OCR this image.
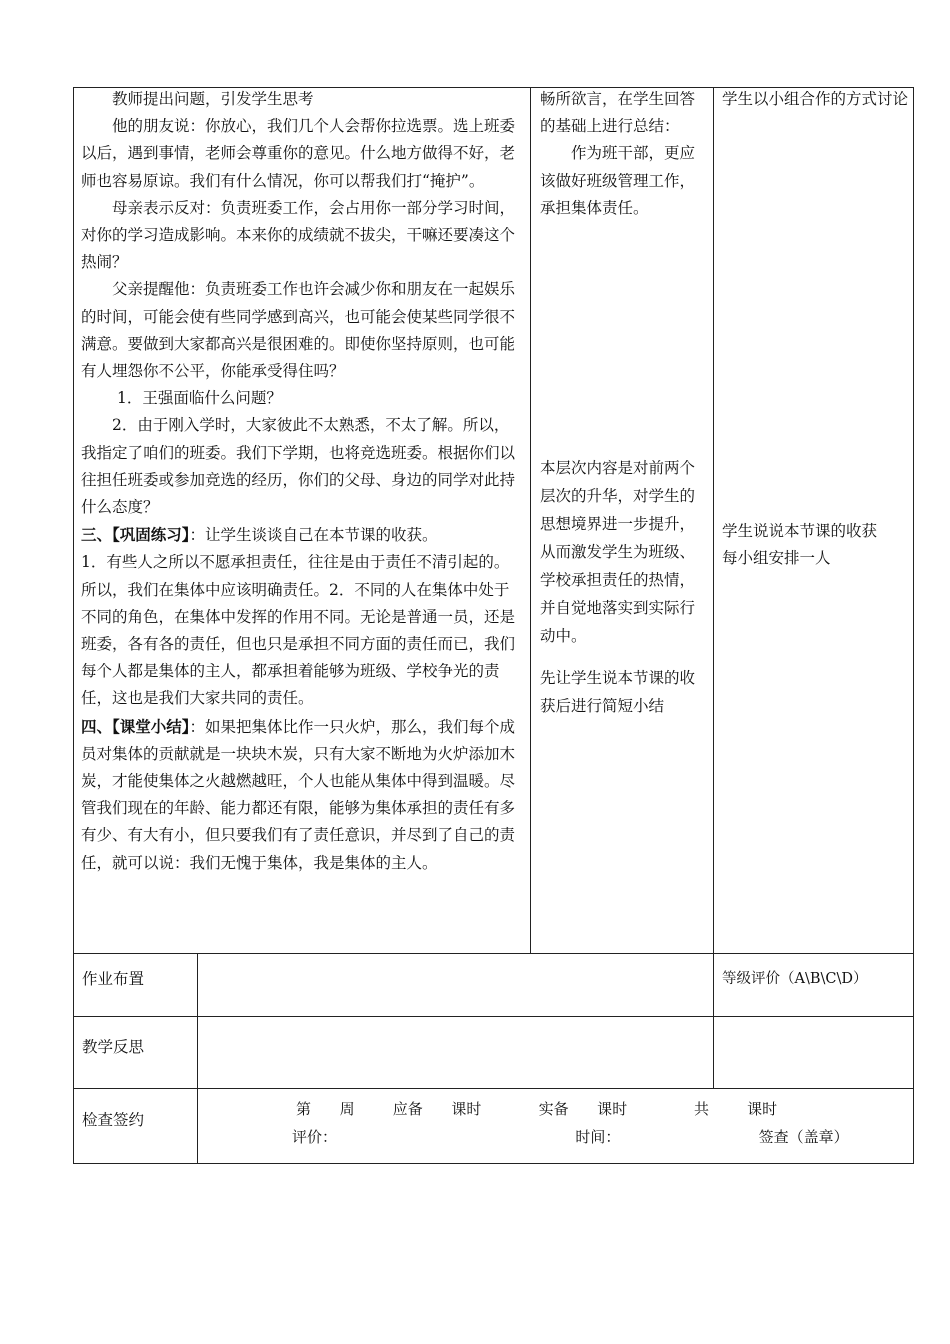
教师提出问题，引发学生思考

他的朋友说：你放心，我们几个人会帮你拉选票。选上班委以后，遇到事情，老师会尊重你的意见。什么地方做得不好，老师也容易原谅。我们有什么情况，你可以帮我们打“掩护”。

母亲表示反对：负责班委工作，会占用你一部分学习时间，对你的学习造成影响。本来你的成绩就不拔尖，干嘛还要凑这个热闹？

父亲提醒他：负责班委工作也许会减少你和朋友在一起娱乐的时间，可能会使有些同学感到高兴，也可能会使某些同学很不满意。要做到大家都高兴是很困难的。即使你坚持原则，也可能有人埋怨你不公平，你能承受得住吗？

1．王强面临什么问题？

2．由于刚入学时，大家彼此不太熟悉，不太了解。所以，我指定了咱们的班委。我们下学期，也将竞选班委。根据你们以往担任班委或参加竞选的经历，你们的父母、身边的同学对此持什么态度？

三、【巩固练习】：让学生谈谈自己在本节课的收获。

1．有些人之所以不愿承担责任，往往是由于责任不清引起的。所以，我们在集体中应该明确责任。2．不同的人在集体中处于不同的角色，在集体中发挥的作用不同。无论是普通一员，还是班委，各有各的责任，但也只是承担不同方面的责任而已，我们每个人都是集体的主人，都承担着能够为班级、学校争光的责任，这也是我们大家共同的责任。

四、【课堂小结】：如果把集体比作一只火炉，那么，我们每个成员对集体的贡献就是一块块木炭，只有大家不断地为火炉添加木炭，才能使集体之火越燃越旺，个人也能从集体中得到温暖。尽管我们现在的年龄、能力都还有限，能够为集体承担的责任有多有少、有大有小，但只要我们有了责任意识，并尽到了自己的责任，就可以说：我们无愧于集体，我是集体的主人。

畅所欲言，在学生回答的基础上进行总结：

作为班干部，更应该做好班级管理工作，承担集体责任。

本层次内容是对前两个层次的升华，对学生的思想境界进一步提升，从而激发学生为班级、学校承担责任的热情，并自觉地落实到实际行动中。

先让学生说本节课的收获后进行简短小结

学生以小组合作的方式讨论

学生说说本节课的收获

每小组安排一人

作业布置	等级评价（A\B\C\D）
教学反思
检查签约
第      周        应备      课时            实备      课时              共        课时
评价：                                                  时间：                             签查（盖章）
